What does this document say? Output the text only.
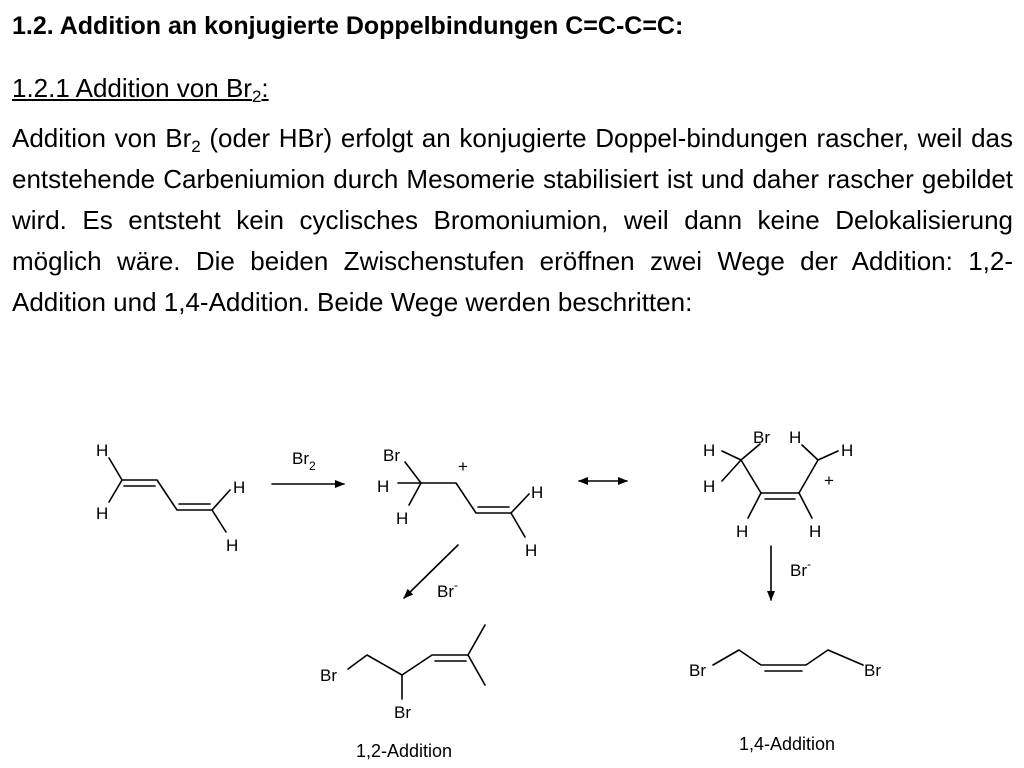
1.2. Addition an konjugierte Doppelbindungen C=C-C=C:
1.2.1 Addition von $Br_2$:

Addition von $Br_2$ (oder HBr) erfolgt an konjugierte Doppel-bindungen rascher, weil das entstehende Carbeniumion durch Mesomerie stabilisiert ist und daher rascher gebildet wird. Es entsteht kein cyclisches Bromoniumion, weil dann keine Delokalisierung möglich wäre. Die beiden Zwischenstufen eröffnen zwei Wege der Addition: 1,2-Addition und 1,4-Addition. Beide Wege werden beschritten:

H
H
H
H
$Br_2$
Br
H
H
H
H
+
Br H
H
H
H
H	H
+
Br-
Br-
Br
Br
1,2-Addition
Br	Br
1,4-Addition
